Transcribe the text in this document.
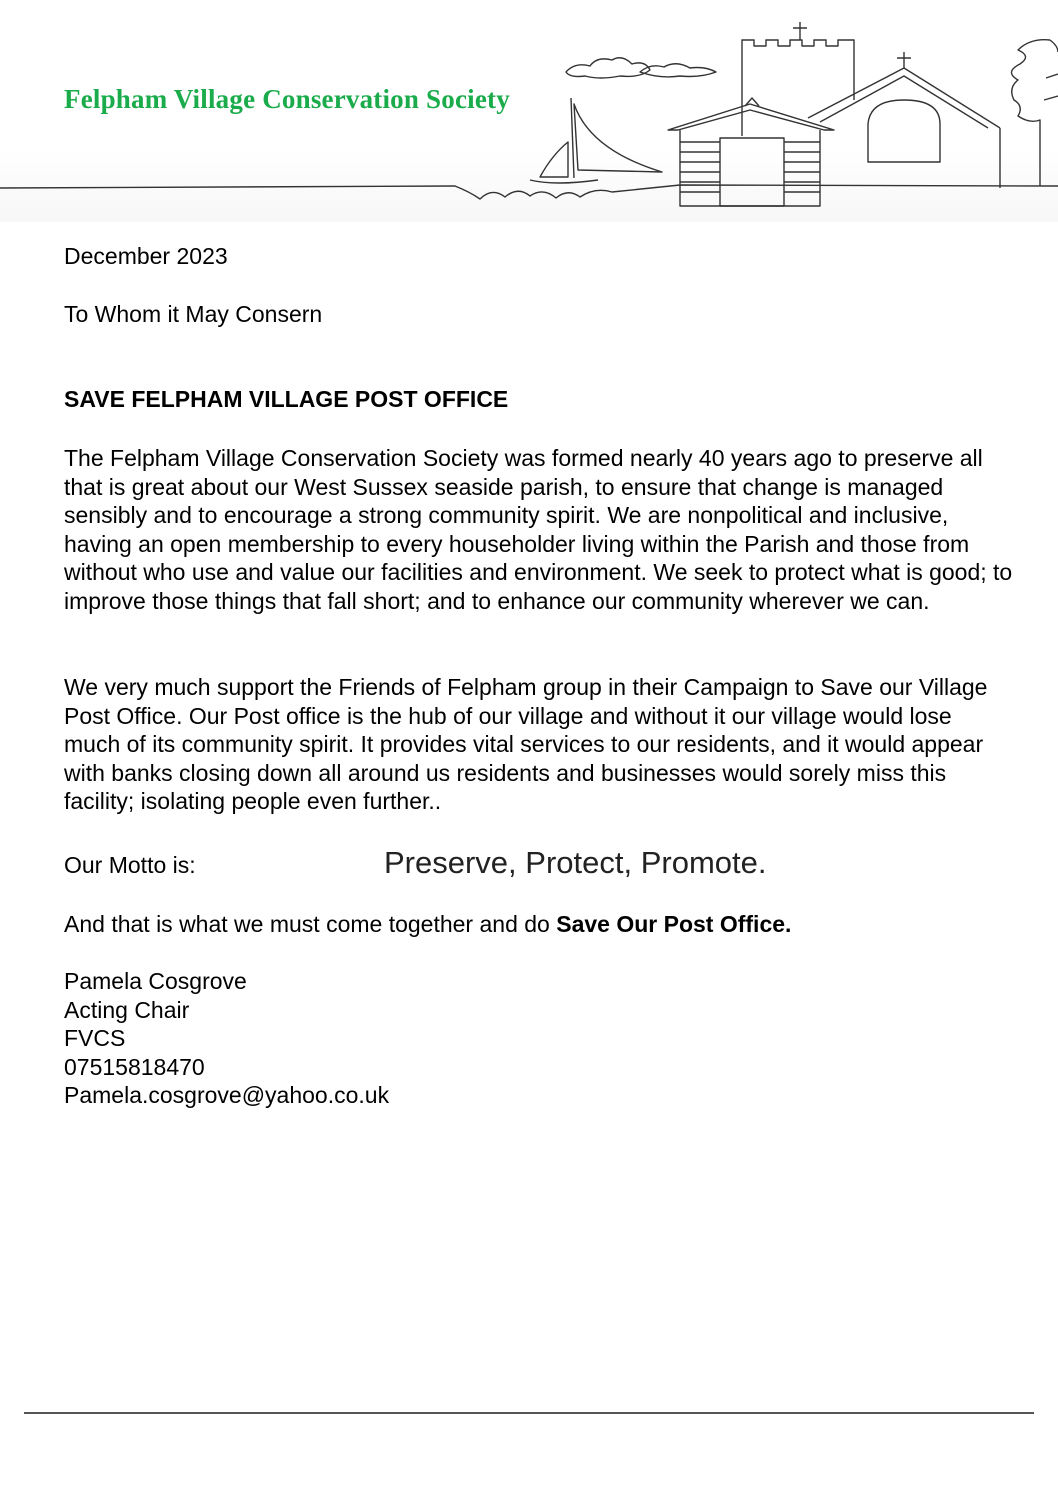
Felpham Village Conservation Society
December 2023
To Whom it May Consern
SAVE FELPHAM VILLAGE POST OFFICE

The Felpham Village Conservation Society was formed nearly 40 years ago to preserve all that is great about our West Sussex seaside parish, to ensure that change is managed sensibly and to encourage a strong community spirit. We are nonpolitical and inclusive, having an open membership to every householder living within the Parish and those from without who use and value our facilities and environment. We seek to protect what is good; to improve those things that fall short; and to enhance our community wherever we can.

We very much support the Friends of Felpham group in their Campaign to Save our Village Post Office. Our Post office is the hub of our village and without it our village would lose much of its community spirit. It provides vital services to our residents, and it would appear with banks closing down all around us residents and businesses would sorely miss this facility; isolating people even further..

Our Motto is:	Preserve, Protect, Promote.
And that is what we must come together and do Save Our Post Office.
Pamela Cosgrove
Acting Chair
FVCS
07515818470
Pamela.cosgrove@yahoo.co.uk
